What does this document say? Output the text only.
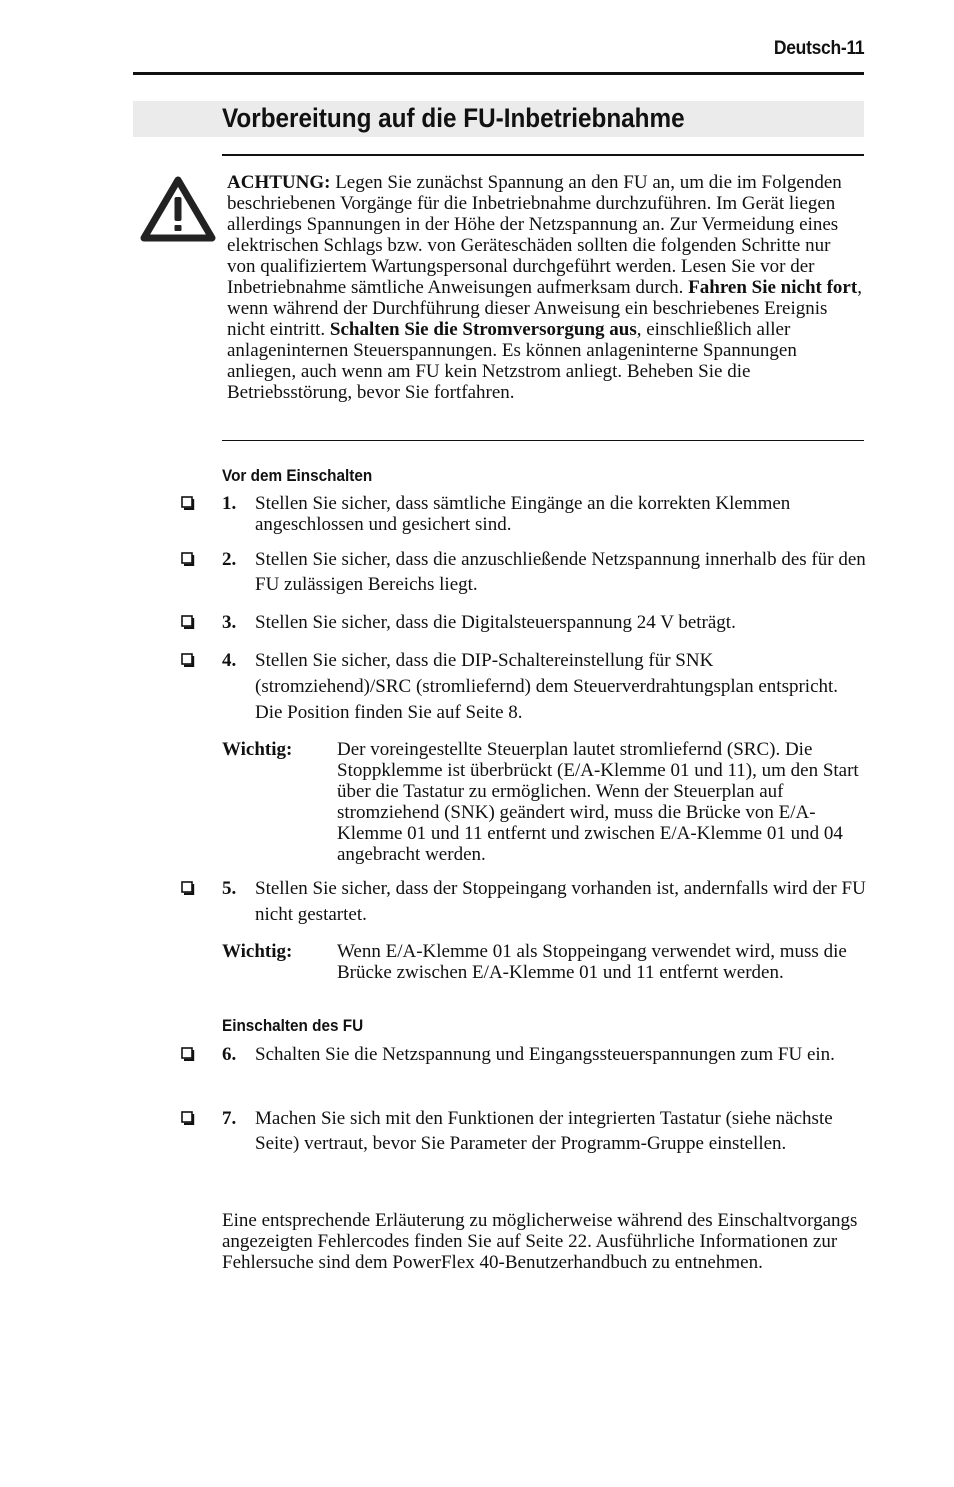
Deutsch-11
Vorbereitung auf die FU-Inbetriebnahme
ACHTUNG: Legen Sie zunächst Spannung an den FU an, um die im Folgenden beschriebenen Vorgänge für die Inbetriebnahme durchzuführen. Im Gerät liegen allerdings Spannungen in der Höhe der Netzspannung an. Zur Vermeidung eines elektrischen Schlags bzw. von Geräteschäden sollten die folgenden Schritte nur von qualifiziertem Wartungspersonal durchgeführt werden. Lesen Sie vor der Inbetriebnahme sämtliche Anweisungen aufmerksam durch. Fahren Sie nicht fort, wenn während der Durchführung dieser Anweisung ein beschriebenes Ereignis nicht eintritt. Schalten Sie die Stromversorgung aus, einschließlich aller anlageninternen Steuerspannungen. Es können anlageninterne Spannungen anliegen, auch wenn am FU kein Netzstrom anliegt. Beheben Sie die Betriebsstörung, bevor Sie fortfahren.
Vor dem Einschalten
1. Stellen Sie sicher, dass sämtliche Eingänge an die korrekten Klemmen angeschlossen und gesichert sind.
2. Stellen Sie sicher, dass die anzuschließende Netzspannung innerhalb des für den FU zulässigen Bereichs liegt.
3. Stellen Sie sicher, dass die Digitalsteuerspannung 24 V beträgt.
4. Stellen Sie sicher, dass die DIP-Schaltereinstellung für SNK (stromziehend)/SRC (stromliefernd) dem Steuerverdrahtungsplan entspricht. Die Position finden Sie auf Seite 8.
Wichtig: Der voreingestellte Steuerplan lautet stromliefernd (SRC). Die Stoppklemme ist überbrückt (E/A-Klemme 01 und 11), um den Start über die Tastatur zu ermöglichen. Wenn der Steuerplan auf stromziehend (SNK) geändert wird, muss die Brücke von E/A-Klemme 01 und 11 entfernt und zwischen E/A-Klemme 01 und 04 angebracht werden.
5. Stellen Sie sicher, dass der Stoppeingang vorhanden ist, andernfalls wird der FU nicht gestartet.
Wichtig: Wenn E/A-Klemme 01 als Stoppeingang verwendet wird, muss die Brücke zwischen E/A-Klemme 01 und 11 entfernt werden.
Einschalten des FU
6. Schalten Sie die Netzspannung und Eingangssteuerspannungen zum FU ein.
7. Machen Sie sich mit den Funktionen der integrierten Tastatur (siehe nächste Seite) vertraut, bevor Sie Parameter der Programm-Gruppe einstellen.
Eine entsprechende Erläuterung zu möglicherweise während des Einschaltvorgangs angezeigten Fehlercodes finden Sie auf Seite 22. Ausführliche Informationen zur Fehlersuche sind dem PowerFlex 40-Benutzerhandbuch zu entnehmen.
